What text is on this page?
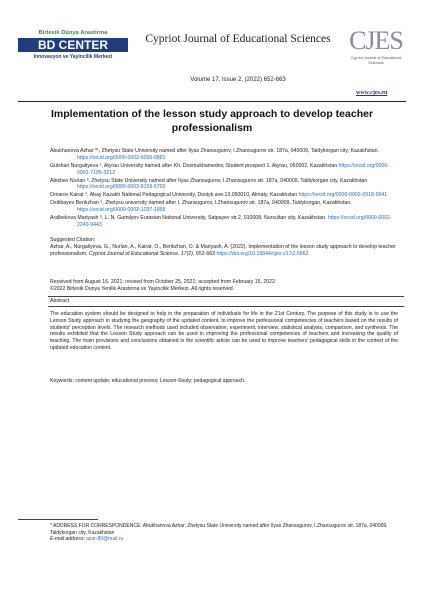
Birlesik Dünya Arastirma
BD CENTER
Innovasyon ve Yayincilik Merkezi
Cypriot Journal of Educational Sciences
Volume 17, Issue 2, (2022) 652-663
CJES
Cypriot Journal of Educational Sciences
www.cjes.eu
Implementation of the lesson study approach to develop teacher professionalism
Abukhanova Azhar *¹, Zhetysu State University named after Ilyas Zhansugurov, I.Zhansugurov str. 187a, 040009, Taldykorgan city, Kazakhstan. https://orcid.org/0000-0002-6056-0881
Gulshan Nurgaliyeva ², Atyrau University named after Kh. Dosmukhamedov, Student prospect 1. Atyrau, 060002, Kazakhstan https://orcid.org/0000-0001-7105-3212
Abishev Nurlan ³, Zhetysu State University named after Ilyas Zhansugurov, I.Zhansugurov str. 187a, 040009, Taldykorgan city, Kazakhstan https://orcid.org/0000-0002-8159-5792
Omarov Kairat ⁴, Abay Kazakh National Pedagogical University, Dostyk ave.13,050010, Almaty, Kazakhstan https://orcid.org/0000-0002-0918-9941
Oxikbayev Berikzhan ⁵, Zhetysu university named after I. Zhansugurov, I.Zhansugurov str. 187a, 040009, Taldykorgan, Kazakhstan. https://orcid.org/0000-0002-1037-1855
Aralbekova Mariyash ⁶, L. N. Gumilyov Eurasian National University, Satpayev str.2, 010008, Nursultan city, Kazakhstan. https://orcid.org/0000-0002-2240-9443
Suggested Citation:
Azhar, A., Nurgaliyeva, G., Nurlan, A., Kairat, O., Berikzhan, O. & Mariyash, A. (2022). Implementation of the lesson study approach to develop teacher professionalism. Cypriot Journal of Educational Science. 17(2), 652-663 https://doi.org/10.18844/cjes.v17i2.6862
Received from August 16, 2021; revised from October 25, 2021; accepted from February 15, 2022.
©2022 Birlesik Dunya Yenilik Arastirma ve Yayincilik Merkezi. All rights reserved.
Abstract
The education system should be designed to help in the preparation of individuals for life in the 21st Century. The purpose of this study is to use the Lesson Study approach in studying the geography of the updated content, to improve the professional competencies of teachers based on the results of students' perception levels. The research methods used included observation, experiment, interview, statistical analysis, comparison, and synthesis. The results exhibited that the Lesson Study approach can be used in improving the professional competences of teachers and increasing the quality of teaching. The main provisions and conclusions obtained in the scientific article can be used to improve teachers' pedagogical skills in the context of the updated education content.
Keywords: content update; educational process; Lesson-Study; pedagogical approach.
* ADDRESS FOR CORRESPONDENCE: Abukhanova Azhar, Zhetysu State University named after Ilyas Zhansugurov, I.Zhansugurov str. 187a, 040009, Taldykorgan city, Kazakhstan
E-mail address: azar-80@mail.ru
